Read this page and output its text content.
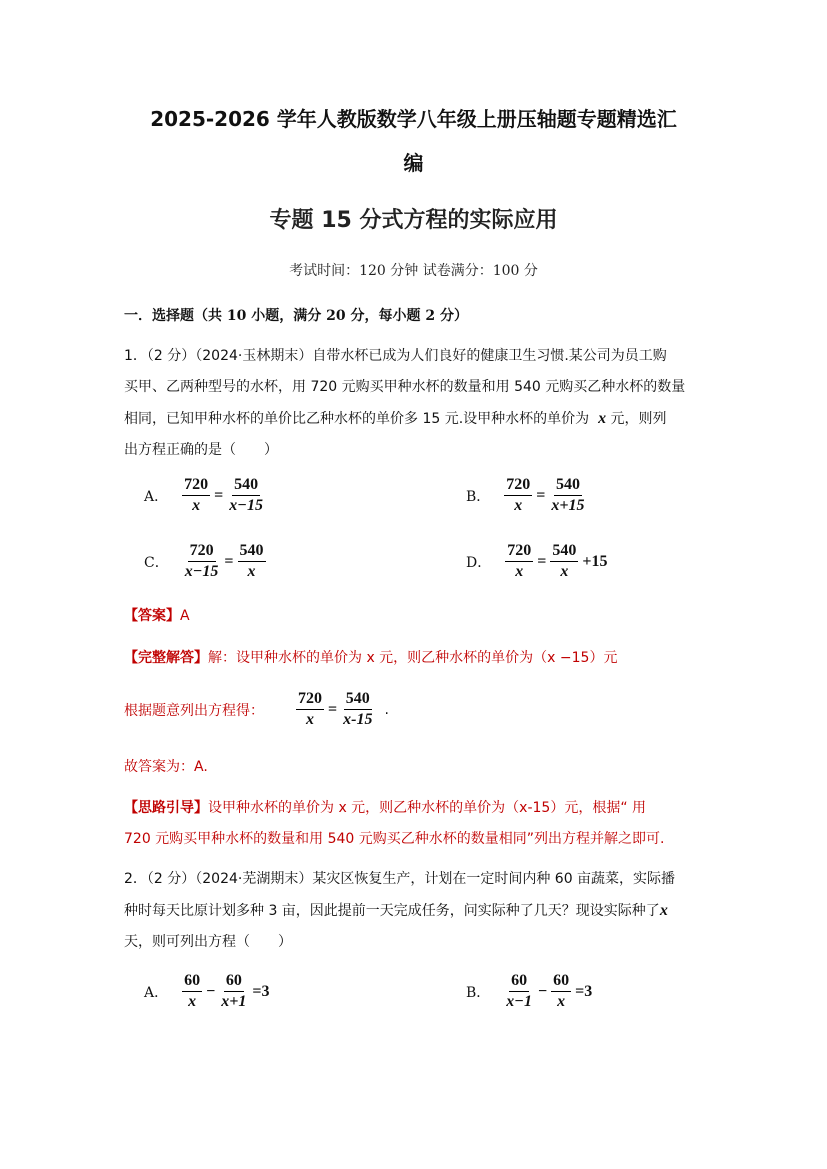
2025-2026 学年人教版数学八年级上册压轴题专题精选汇
编
专题 15 分式方程的实际应用
考试时间：120 分钟 试卷满分：100 分
一．选择题（共 10 小题，满分 20 分，每小题 2 分）
1．（2 分）（2024·玉林期末）自带水杯已成为人们良好的健康卫生习惯.某公司为员工购
买甲、乙两种型号的水杯，用 720 元购买甲种水杯的数量和用 540 元购买乙种水杯的数量
相同，已知甲种水杯的单价比乙种水杯的单价多 15 元.设甲种水杯的单价为 x 元，则列
出方程正确的是（　　）
A． $\frac{720}{x} = \frac{540}{x-15}$	B． $\frac{720}{x} = \frac{540}{x+15}$
C． $\frac{720}{x-15} = \frac{540}{x}$	D． $\frac{720}{x} = \frac{540}{x} +15$
【答案】A
【完整解答】解：设甲种水杯的单价为 x 元，则乙种水杯的单价为（x −15）元
根据题意列出方程得： $\frac{720}{x} = \frac{540}{x-15}$ .
故答案为：A.
【思路引导】设甲种水杯的单价为 x 元，则乙种水杯的单价为（x-15）元，根据“ 用
720 元购买甲种水杯的数量和用 540 元购买乙种水杯的数量相同”列出方程并解之即可.
2．（2 分）（2024·芜湖期末）某灾区恢复生产，计划在一定时间内种 60 亩蔬菜，实际播
种时每天比原计划多种 3 亩，因此提前一天完成任务，问实际种了几天？现设实际种了x
天，则可列出方程（　　）
A． $\frac{60}{x} - \frac{60}{x+1} =3$	B． $\frac{60}{x-1} - \frac{60}{x} =3$
